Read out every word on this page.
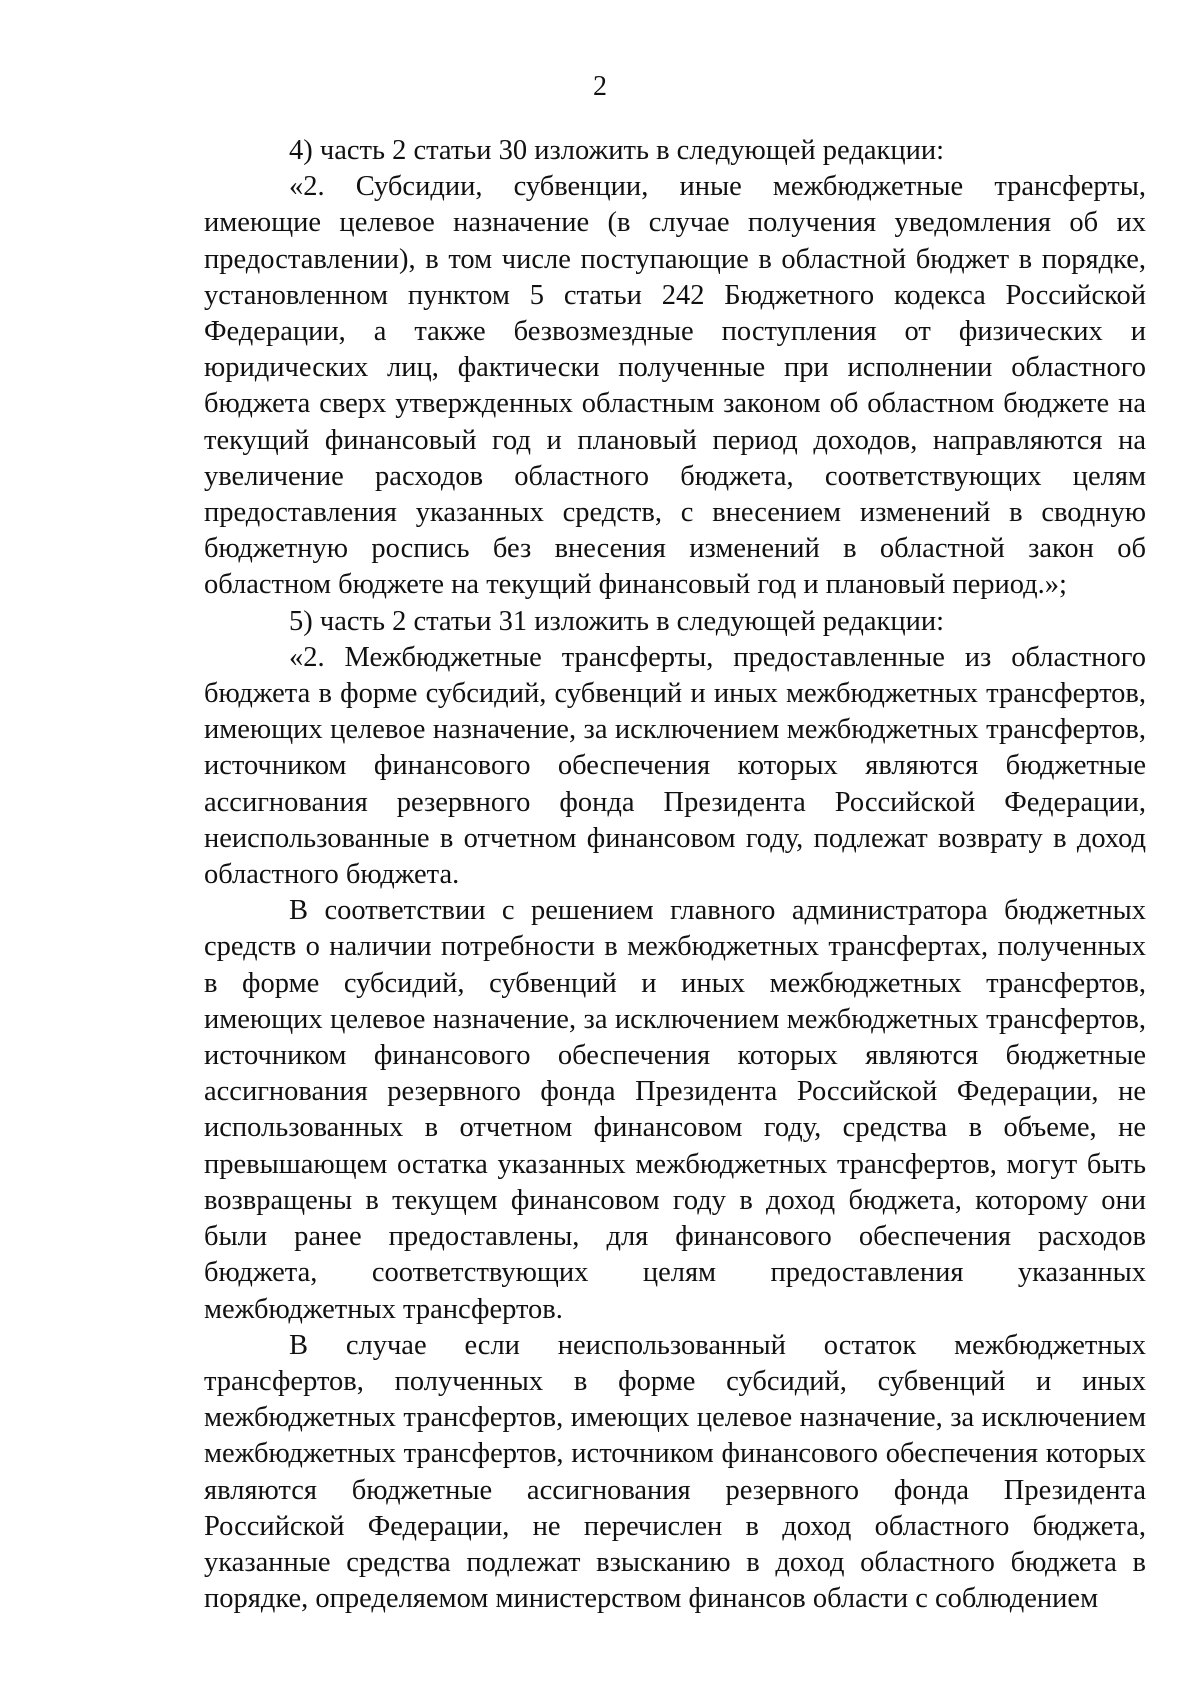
2

4) часть 2 статьи 30 изложить в следующей редакции:

«2. Субсидии, субвенции, иные межбюджетные трансферты, имеющие целевое назначение (в случае получения уведомления об их предоставлении), в том числе поступающие в областной бюджет в порядке, установленном пунктом 5 статьи 242 Бюджетного кодекса Российской Федерации, а также безвозмездные поступления от физических и юридических лиц, фактически полученные при исполнении областного бюджета сверх утвержденных областным законом об областном бюджете на текущий финансовый год и плановый период доходов, направляются на увеличение расходов областного бюджета, соответствующих целям предоставления указанных средств, с внесением изменений в сводную бюджетную роспись без внесения изменений в областной закон об областном бюджете на текущий финансовый год и плановый период.»;

5) часть 2 статьи 31 изложить в следующей редакции:

«2. Межбюджетные трансферты, предоставленные из областного бюджета в форме субсидий, субвенций и иных межбюджетных трансфертов, имеющих целевое назначение, за исключением межбюджетных трансфертов, источником финансового обеспечения которых являются бюджетные ассигнования резервного фонда Президента Российской Федерации, неиспользованные в отчетном финансовом году, подлежат возврату в доход областного бюджета.

В соответствии с решением главного администратора бюджетных средств о наличии потребности в межбюджетных трансфертах, полученных в форме субсидий, субвенций и иных межбюджетных трансфертов, имеющих целевое назначение, за исключением межбюджетных трансфертов, источником финансового обеспечения которых являются бюджетные ассигнования резервного фонда Президента Российской Федерации, не использованных в отчетном финансовом году, средства в объеме, не превышающем остатка указанных межбюджетных трансфертов, могут быть возвращены в текущем финансовом году в доход бюджета, которому они были ранее предоставлены, для финансового обеспечения расходов бюджета, соответствующих целям предоставления указанных межбюджетных трансфертов.

В случае если неиспользованный остаток межбюджетных трансфертов, полученных в форме субсидий, субвенций и иных межбюджетных трансфертов, имеющих целевое назначение, за исключением межбюджетных трансфертов, источником финансового обеспечения которых являются бюджетные ассигнования резервного фонда Президента Российской Федерации, не перечислен в доход областного бюджета, указанные средства подлежат взысканию в доход областного бюджета в порядке, определяемом министерством финансов области с соблюдением
